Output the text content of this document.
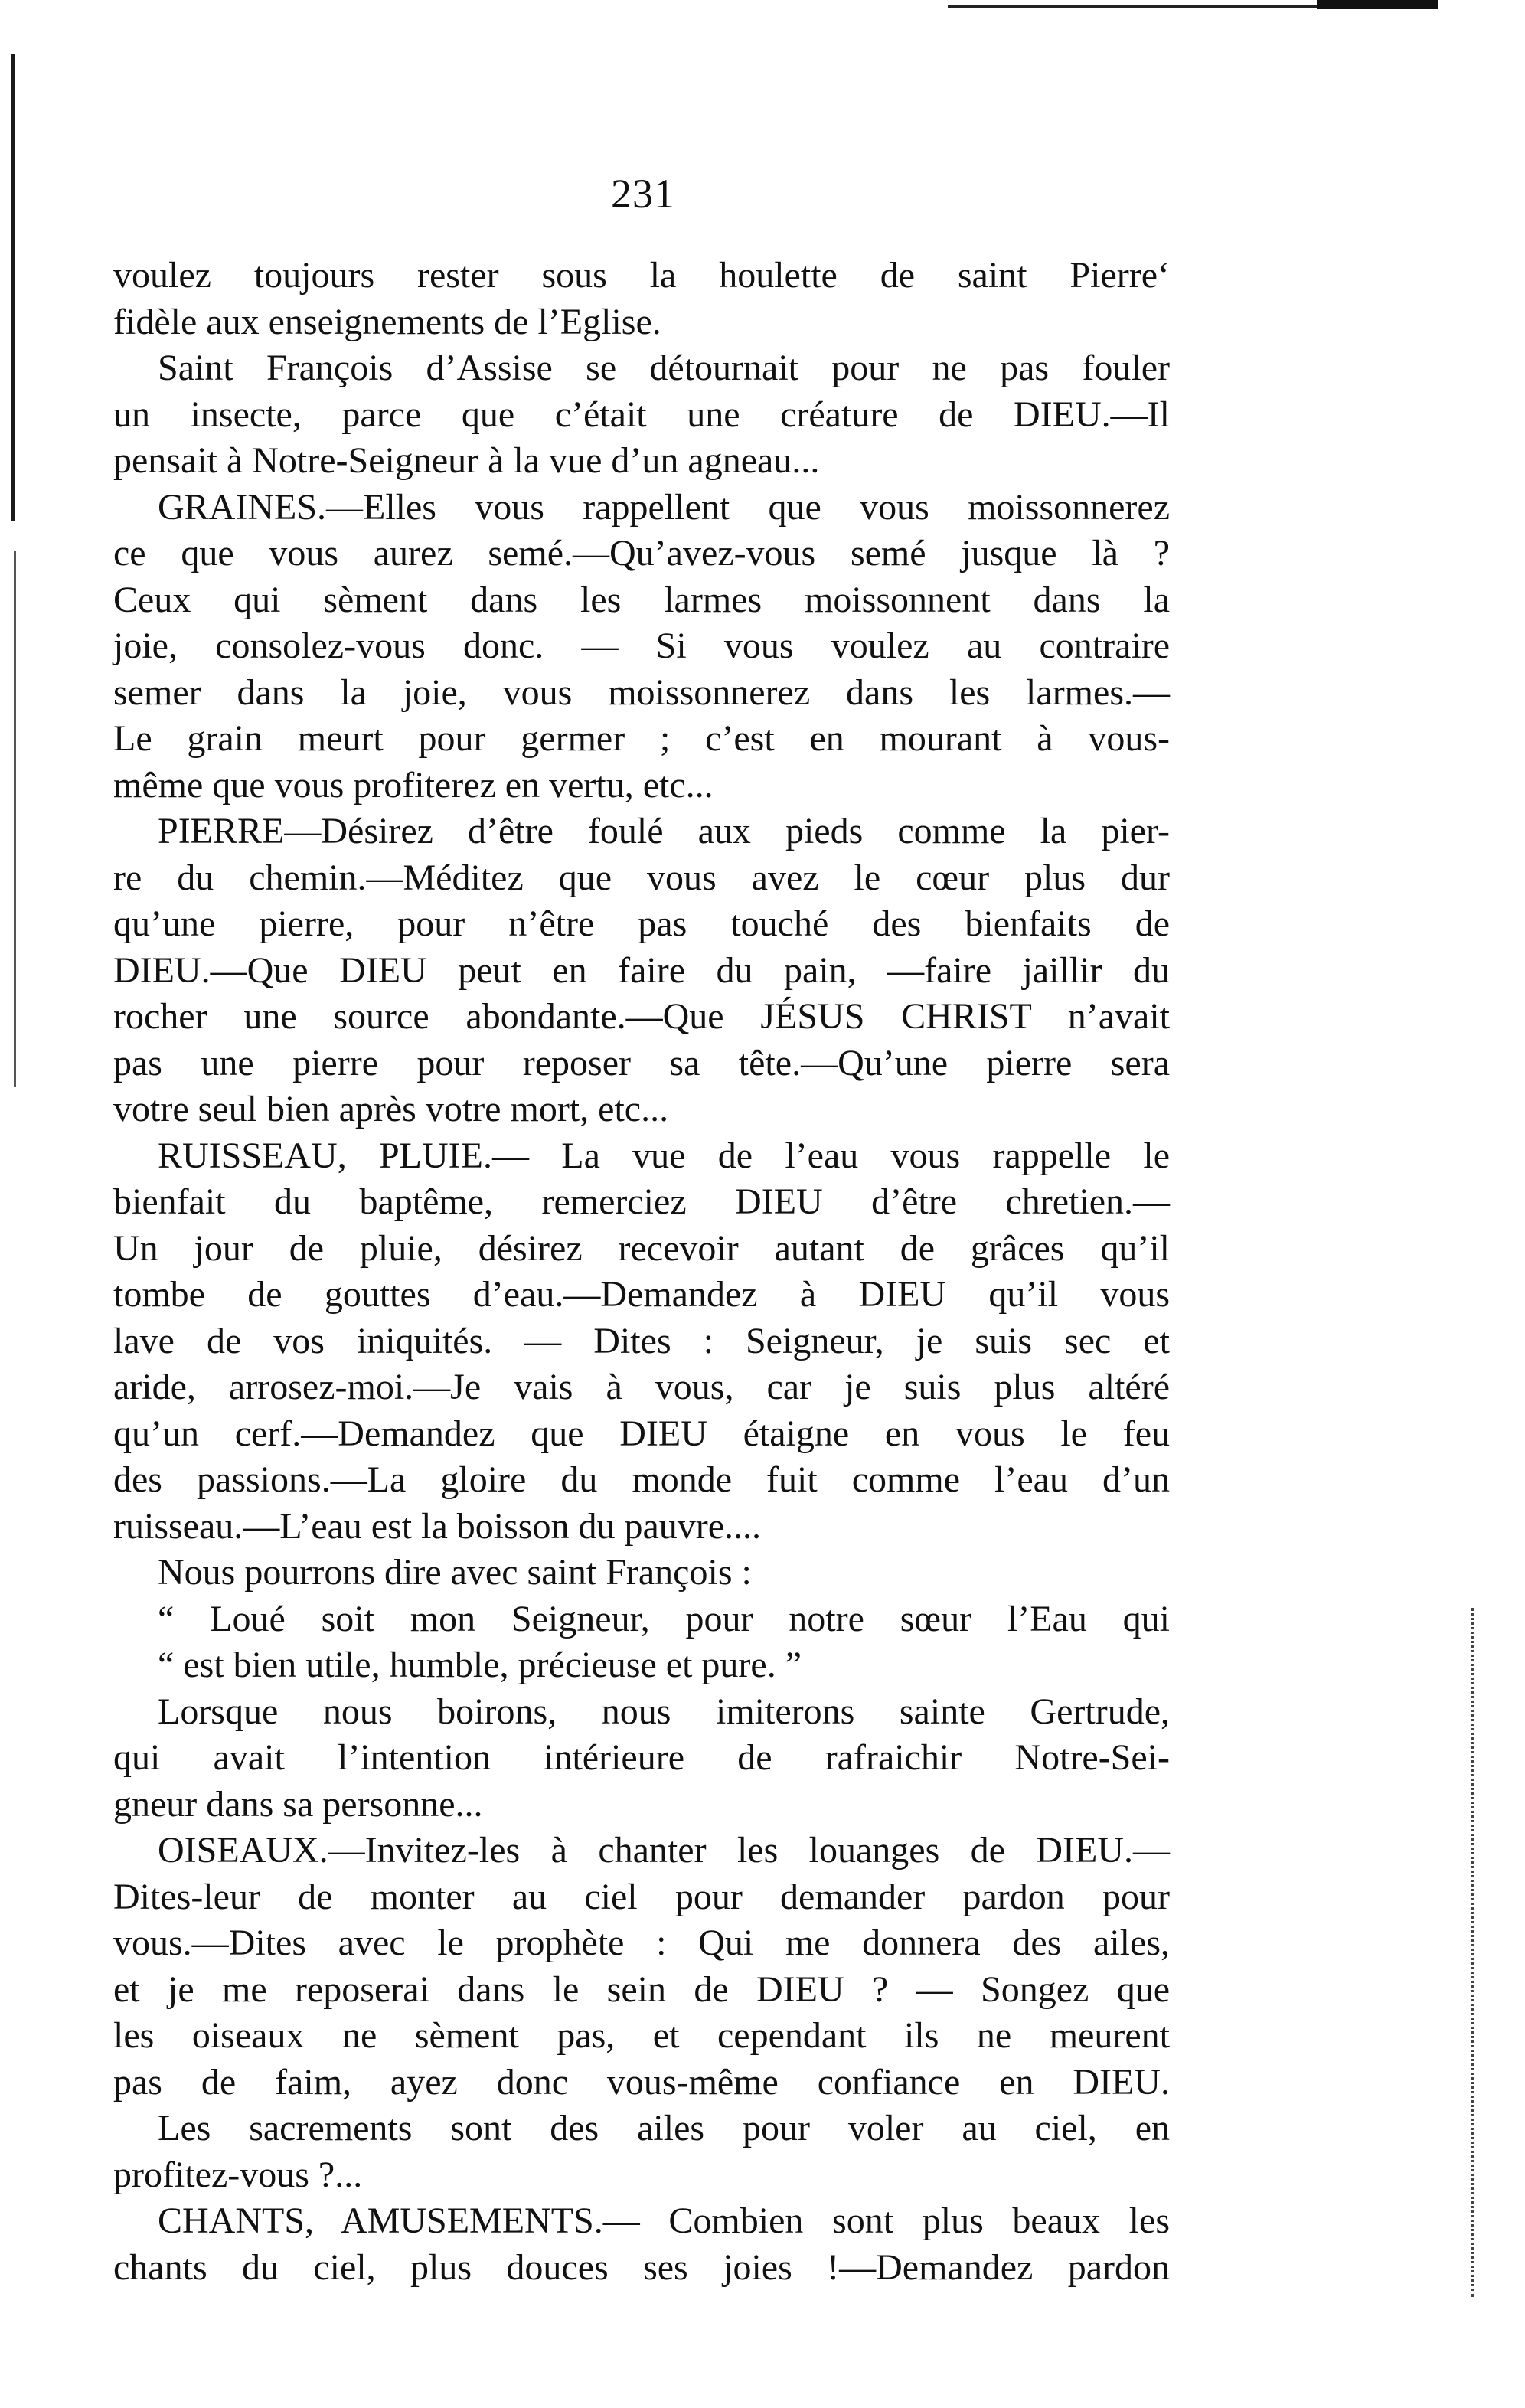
231
voulez toujours rester sous la houlette de saint Pierre‘
fidèle aux enseignements de l’Eglise.
Saint François d’Assise se détournait pour ne pas fouler
un insecte, parce que c’était une créature de DIEU.—Il
pensait à Notre-Seigneur à la vue d’un agneau...
GRAINES.—Elles vous rappellent que vous moissonnerez
ce que vous aurez semé.—Qu’avez-vous semé jusque là ?
Ceux qui sèment dans les larmes moissonnent dans la
joie, consolez-vous donc. — Si vous voulez au contraire
semer dans la joie, vous moissonnerez dans les larmes.—
Le grain meurt pour germer ; c’est en mourant à vous-
même que vous profiterez en vertu, etc...
PIERRE—Désirez d’être foulé aux pieds comme la pier-
re du chemin.—Méditez que vous avez le cœur plus dur
qu’une pierre, pour n’être pas touché des bienfaits de
DIEU.—Que DIEU peut en faire du pain, —faire jaillir du
rocher une source abondante.—Que JÉSUS CHRIST n’avait
pas une pierre pour reposer sa tête.—Qu’une pierre sera
votre seul bien après votre mort, etc...
RUISSEAU, PLUIE.— La vue de l’eau vous rappelle le
bienfait du baptême, remerciez DIEU d’être chretien.—
Un jour de pluie, désirez recevoir autant de grâces qu’il
tombe de gouttes d’eau.—Demandez à DIEU qu’il vous
lave de vos iniquités. — Dites : Seigneur, je suis sec et
aride, arrosez-moi.—Je vais à vous, car je suis plus altéré
qu’un cerf.—Demandez que DIEU étaigne en vous le feu
des passions.—La gloire du monde fuit comme l’eau d’un
ruisseau.—L’eau est la boisson du pauvre....
Nous pourrons dire avec saint François :
“ Loué soit mon Seigneur, pour notre sœur l’Eau qui
“ est bien utile, humble, précieuse et pure. ”
Lorsque nous boirons, nous imiterons sainte Gertrude,
qui avait l’intention intérieure de rafraichir Notre-Sei-
gneur dans sa personne...
OISEAUX.—Invitez-les à chanter les louanges de DIEU.—
Dites-leur de monter au ciel pour demander pardon pour
vous.—Dites avec le prophète : Qui me donnera des ailes,
et je me reposerai dans le sein de DIEU ? — Songez que
les oiseaux ne sèment pas, et cependant ils ne meurent
pas de faim, ayez donc vous-même confiance en DIEU.
Les sacrements sont des ailes pour voler au ciel, en
profitez-vous ?...
CHANTS, AMUSEMENTS.— Combien sont plus beaux les
chants du ciel, plus douces ses joies !—Demandez pardon
